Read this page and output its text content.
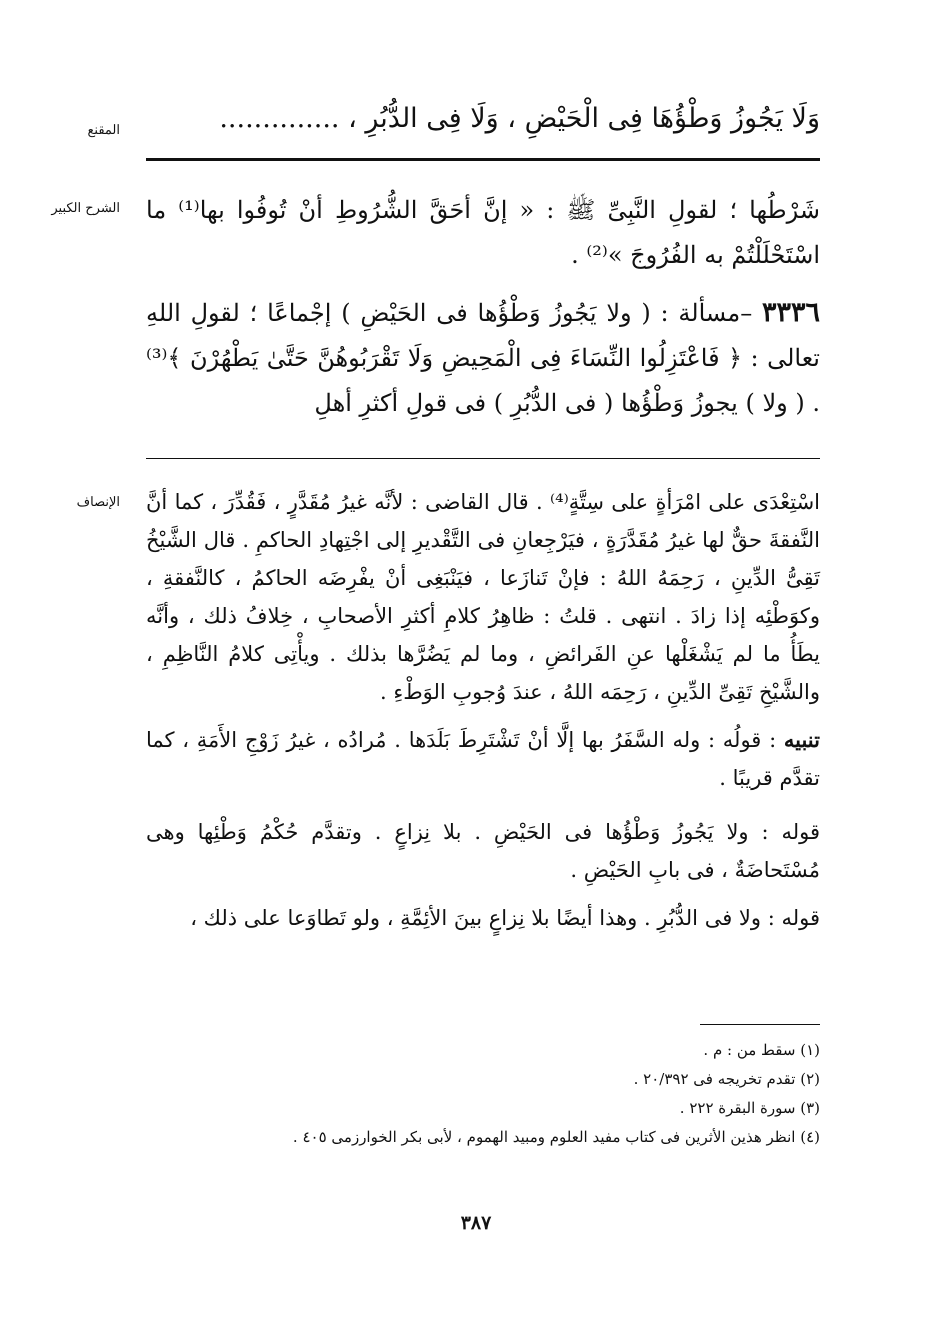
المقنع	وَلَا يَجُوزُ وَطْؤُهَا فِى الْحَيْضِ ، وَلَا فِى الدُّبُرِ ، ..............
الشرح الكبير شَرْطُها ؛ لقولِ النَّبِىِّ ﷺ : « إنَّ أحَقَّ الشُّرُوطِ أنْ تُوفُوا بها⁽¹⁾ ما اسْتَحْلَلْتُمْ به الفُرُوجَ »⁽²⁾ .

٣٣٣٦ –مسألة : ( ولا يَجُوزُ وَطْؤُها فى الحَيْضِ ) إجْماعًا ؛ لقولِ اللهِ تعالى : ﴿ فَاعْتَزِلُوا النِّسَاءَ فِى الْمَحِيضِ وَلَا تَقْرَبُوهُنَّ حَتَّىٰ يَطْهُرْنَ ﴾⁽³⁾ . ( ولا ) يجوزُ وَطْؤُها ( فى الدُّبُرِ ) فى قولِ أكثرِ أهلِ

الإنصاف اسْتِعْدَى على امْرَأةٍ على سِتَّةٍ⁽⁴⁾ . قال القاضى : لأنَّه غيرُ مُقَدَّرٍ ، فَقُدِّرَ ، كما أنَّ النَّفقةَ حقٌّ لها غيرُ مُقَدَّرَةٍ ، فيَرْجِعانِ فى التَّقْديرِ إلى اجْتِهادِ الحاكمِ . قال الشَّيْخُ تَقِىُّ الدِّينِ ، رَحِمَهُ اللهُ : فإنْ تَنازَعا ، فيَنْبَغِى أنْ يفْرِضَه الحاكمُ ، كالنَّفقةِ ، وكوَطْئِه إذا زادَ . انتهى . قلتُ : ظاهِرُ كلامِ أكثرِ الأصحابِ ، خِلافُ ذلك ، وأنَّه يطَأُ ما لم يَشْغَلْها عنِ الفَرائضِ ، وما لم يَضُرَّها بذلك . ويأْتِى كلامُ النَّاظِمِ ، والشَّيْخِ تَقِىِّ الدِّينِ ، رَحِمَه اللهُ ، عندَ وُجوبِ الوَطْءِ .

تنبيه : قولُه : وله السَّفَرُ بها إلَّا أنْ تَشْتَرِطَ بَلَدَها . مُرادُه ، غيرُ زَوْجِ الأَمَةِ ، كما تقدَّم قريبًا .

قوله : ولا يَجُوزُ وَطْؤُها فى الحَيْضِ . بلا نِزاعٍ . وتقدَّم حُكْمُ وَطْئِها وهى مُسْتَحاضَةٌ ، فى بابِ الحَيْضِ .

قوله : ولا فى الدُّبُرِ . وهذا أيضًا بلا نِزاعٍ بينَ الأئِمَّةِ ، ولو تَطاوَعا على ذلك ،

(١) سقط من : م .
(٢) تقدم تخريجه فى ٢٠/٣٩٢ .
(٣) سورة البقرة ٢٢٢ .
(٤) انظر هذين الأثرين فى كتاب مفيد العلوم ومبيد الهموم ، لأبى بكر الخوارزمى ٤٠٥ .
٣٨٧
